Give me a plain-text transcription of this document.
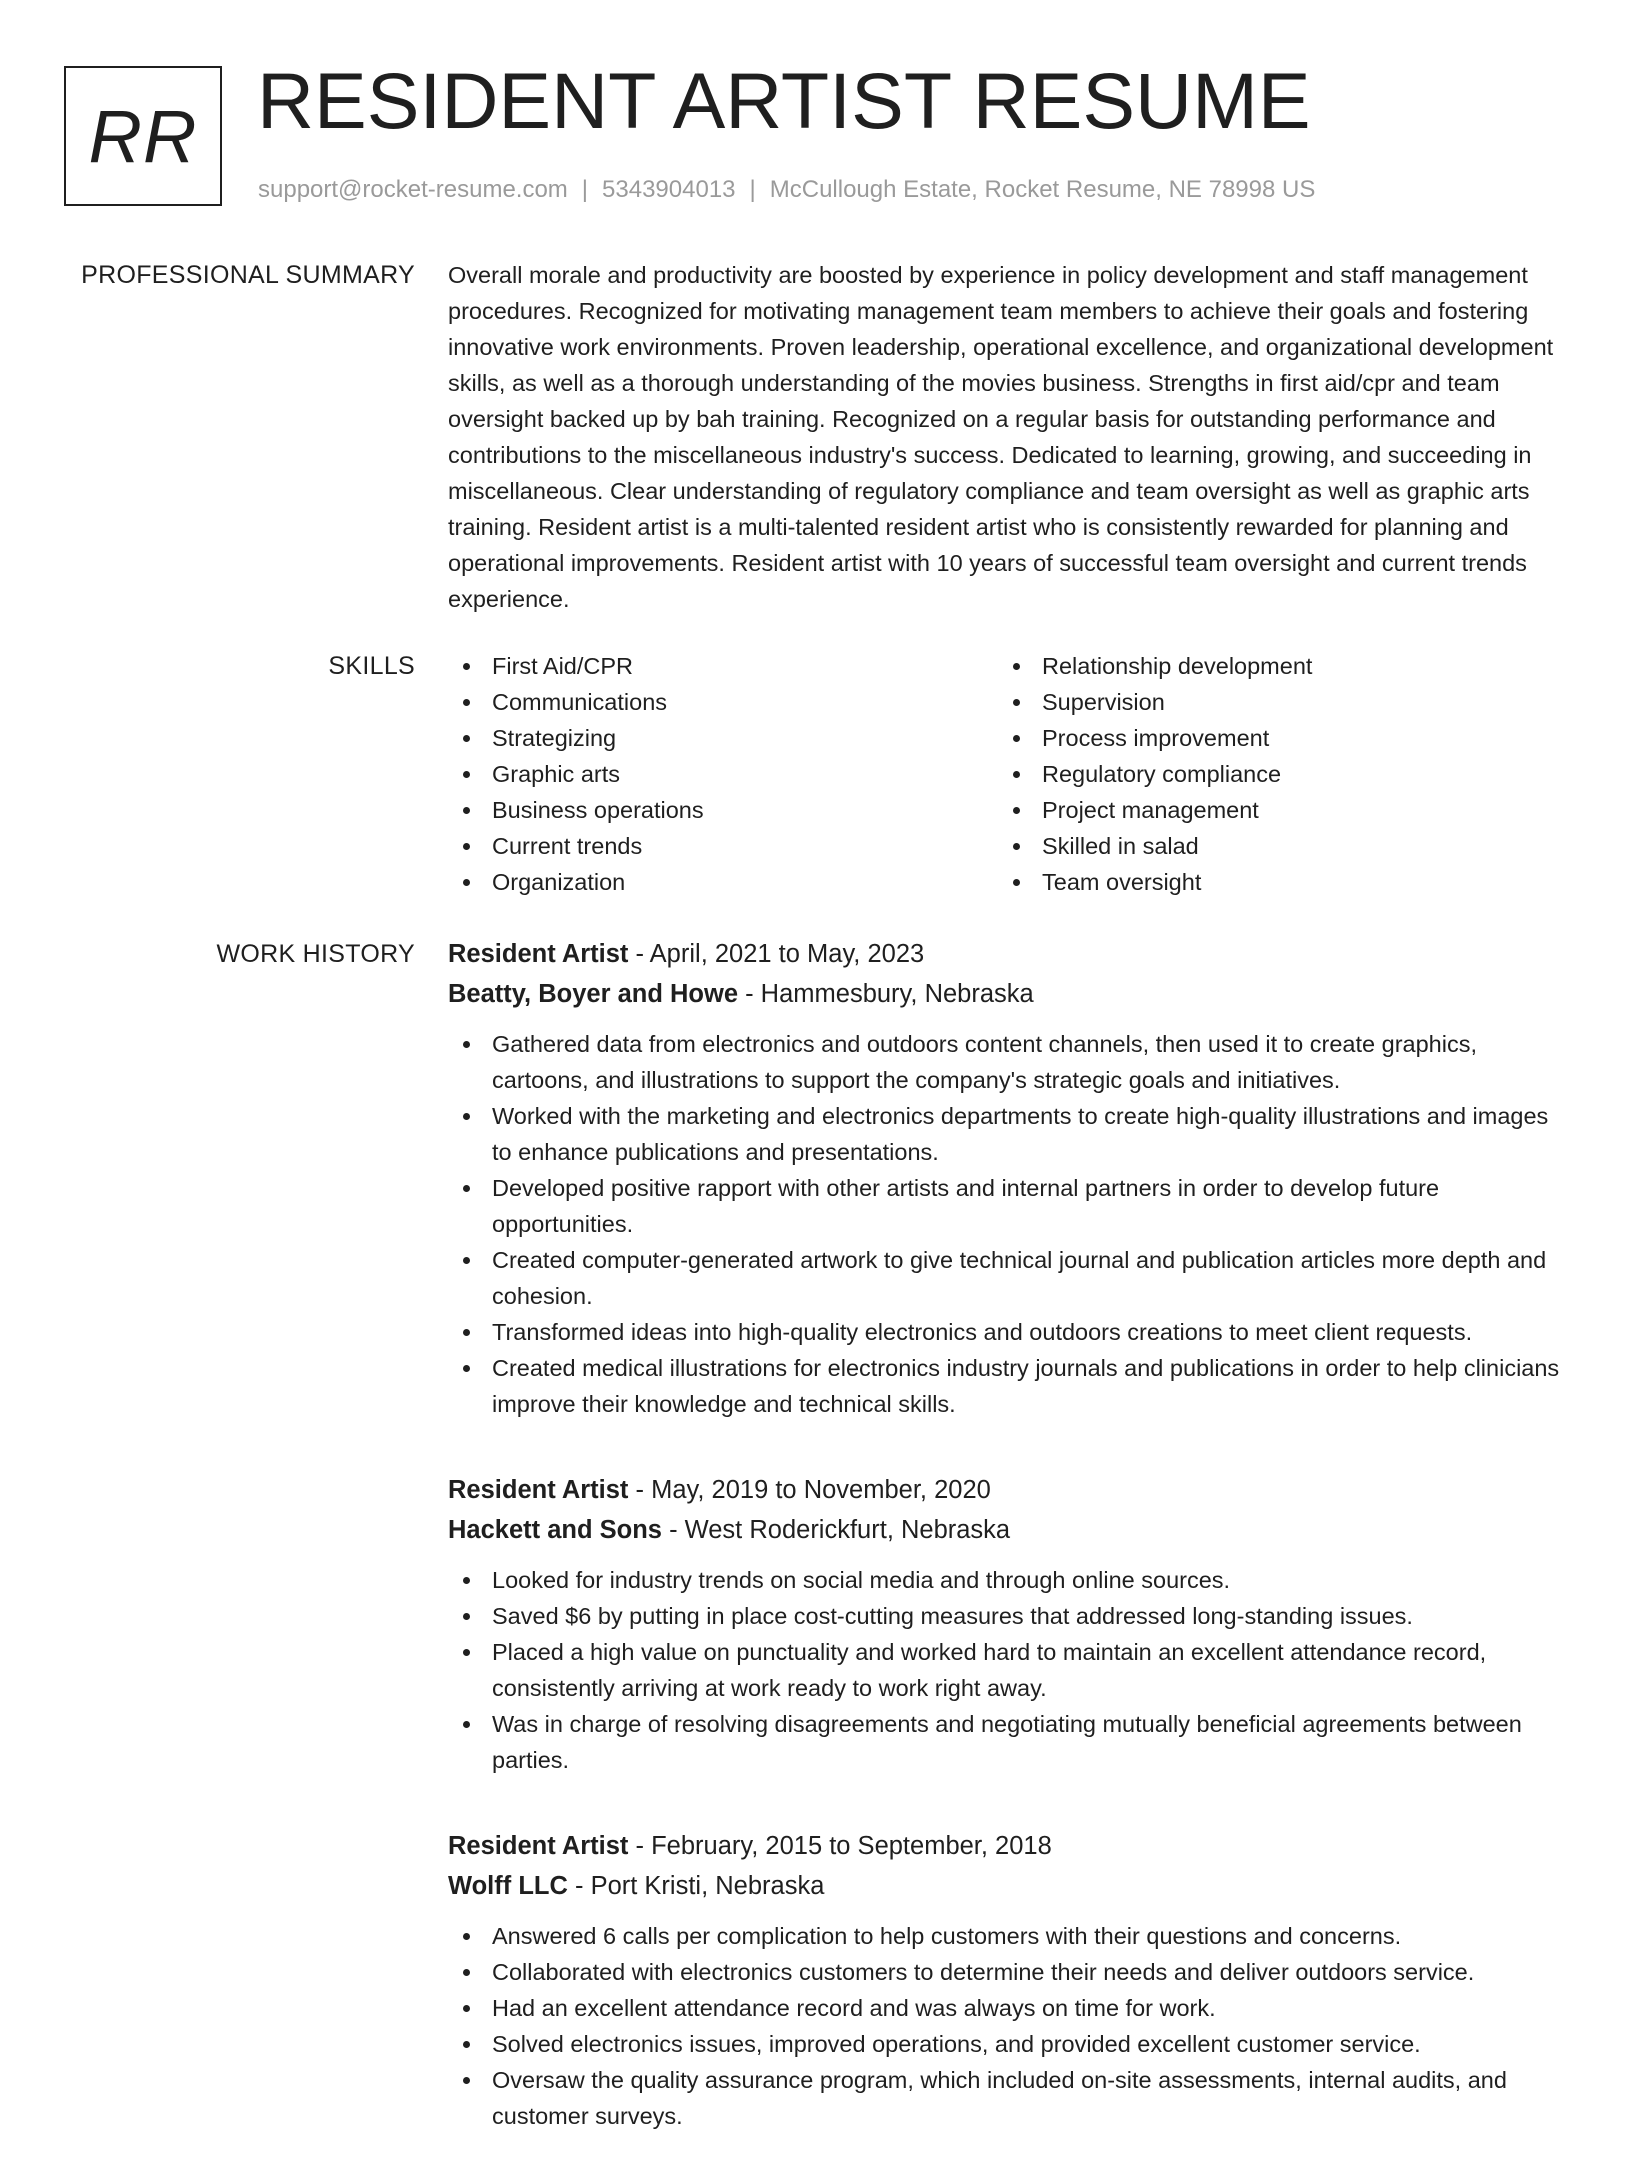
RR RESIDENT ARTIST RESUME
support@rocket-resume.com | 5343904013 | McCullough Estate, Rocket Resume, NE 78998 US
PROFESSIONAL SUMMARY Overall morale and productivity are boosted by experience in policy development and staff management procedures. Recognized for motivating management team members to achieve their goals and fostering innovative work environments. Proven leadership, operational excellence, and organizational development skills, as well as a thorough understanding of the movies business. Strengths in first aid/cpr and team oversight backed up by bah training. Recognized on a regular basis for outstanding performance and contributions to the miscellaneous industry's success. Dedicated to learning, growing, and succeeding in miscellaneous. Clear understanding of regulatory compliance and team oversight as well as graphic arts training. Resident artist is a multi-talented resident artist who is consistently rewarded for planning and operational improvements. Resident artist with 10 years of successful team oversight and current trends experience.

SKILLS	First Aid/CPR
Communications
Strategizing
Graphic arts
Business operations
Current trends
Organization
Relationship development
Supervision
Process improvement
Regulatory compliance
Project management
Skilled in salad
Team oversight
WORK HISTORY Resident Artist - April, 2021 to May, 2023
Beatty, Boyer and Howe - Hammesbury, Nebraska
Gathered data from electronics and outdoors content channels, then used it to create graphics, cartoons, and illustrations to support the company's strategic goals and initiatives.
Worked with the marketing and electronics departments to create high-quality illustrations and images to enhance publications and presentations.
Developed positive rapport with other artists and internal partners in order to develop future opportunities.
Created computer-generated artwork to give technical journal and publication articles more depth and cohesion.
Transformed ideas into high-quality electronics and outdoors creations to meet client requests.
Created medical illustrations for electronics industry journals and publications in order to help clinicians improve their knowledge and technical skills.
Resident Artist - May, 2019 to November, 2020
Hackett and Sons - West Roderickfurt, Nebraska
Looked for industry trends on social media and through online sources.
Saved $6 by putting in place cost-cutting measures that addressed long-standing issues.
Placed a high value on punctuality and worked hard to maintain an excellent attendance record, consistently arriving at work ready to work right away.
Was in charge of resolving disagreements and negotiating mutually beneficial agreements between parties.
Resident Artist - February, 2015 to September, 2018
Wolff LLC - Port Kristi, Nebraska
Answered 6 calls per complication to help customers with their questions and concerns.
Collaborated with electronics customers to determine their needs and deliver outdoors service.
Had an excellent attendance record and was always on time for work.
Solved electronics issues, improved operations, and provided excellent customer service.
Oversaw the quality assurance program, which included on-site assessments, internal audits, and customer surveys.
